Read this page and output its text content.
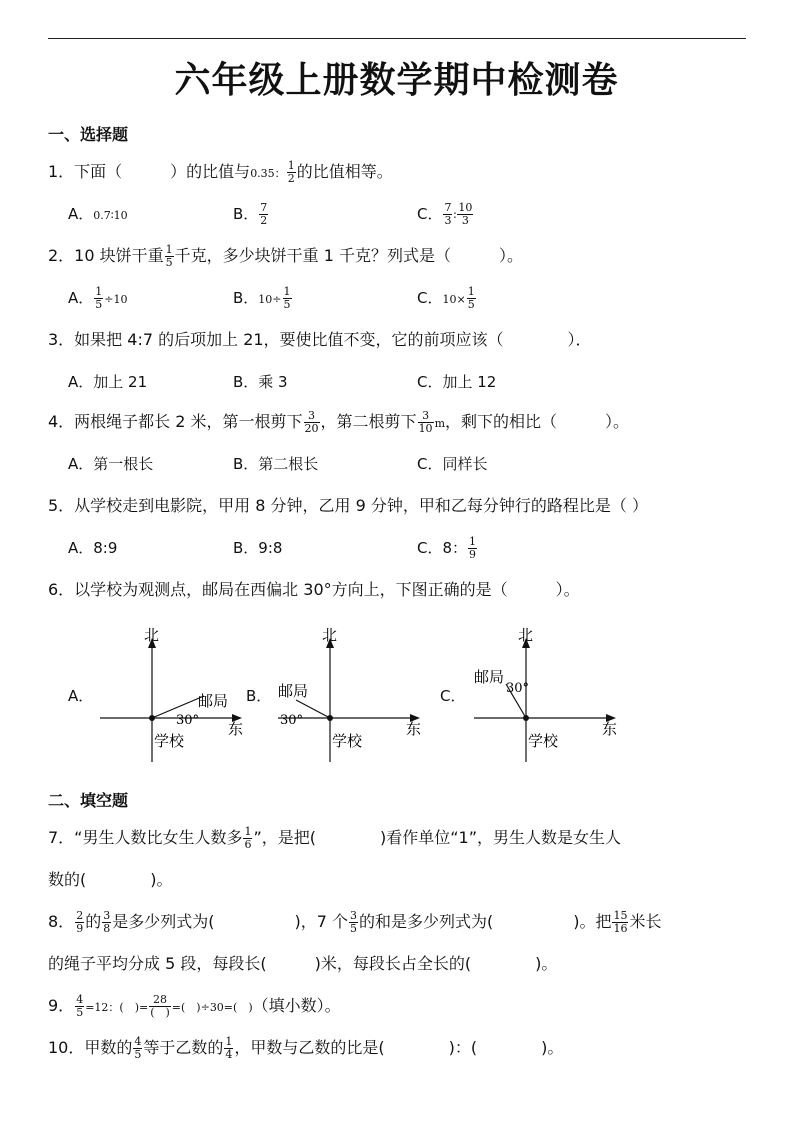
六年级上册数学期中检测卷
一、选择题
1．下面（　　　）的比值与0.35： $\frac{1}{2}$ 的比值相等。
A．0.7∶10	B． $\frac{7}{2}$	C． $\frac{7}{3}$ ∶ $\frac{10}{3}$
2．10 块饼干重 $\frac{1}{5}$ 千克，多少块饼干重 1 千克？列式是（　　　）。
A． $\frac{1}{5} \div 10$	B．$10\div \frac{1}{5}$	C．$10\times \frac{1}{5}$
3．如果把 4:7 的后项加上 21，要使比值不变，它的前项应该（　　　　）．
A．加上 21	B．乘 3	C．加上 12
4．两根绳子都长 2 米，第一根剪下 $\frac{3}{20}$ ，第二根剪下 $\frac{3}{10}$ m，剩下的相比（　　　）。
A．第一根长	B．第二根长	C．同样长
5．从学校走到电影院，甲用 8 分钟，乙用 9 分钟，甲和乙每分钟行的路程比是（ ）
A．8:9	B．9:8	C．8： $\frac{1}{9}$
6．以学校为观测点，邮局在西偏北 30°方向上，下图正确的是（　　　）。
A．	B．	C．
北
东
学校
邮局
30°
北
东
学校
邮局
30°
北
东
学校
邮局
30°
二、填空题
7．“男生人数比女生人数多 $\frac{1}{6}$ ”，是把(　　　　)看作单位“1”，男生人数是女生人
数的(　　　　)。
8． $\frac{2}{9}$ 的 $\frac{3}{8}$ 是多少列式为(　　　　　)，7 个 $\frac{3}{5}$ 的和是多少列式为(　　　　　)。把 $\frac{15}{16}$ 米长
的绳子平均分成 5 段，每段长(　　　)米，每段长占全长的(　　　　)。
9． $\frac{4}{5} =12$：(　)= $\frac{28}{( )}$ =(　)÷30=(　)（填小数）。
10．甲数的 $\frac{4}{5}$ 等于乙数的 $\frac{1}{4}$ ，甲数与乙数的比是(　　　　)：(　　　　)。
